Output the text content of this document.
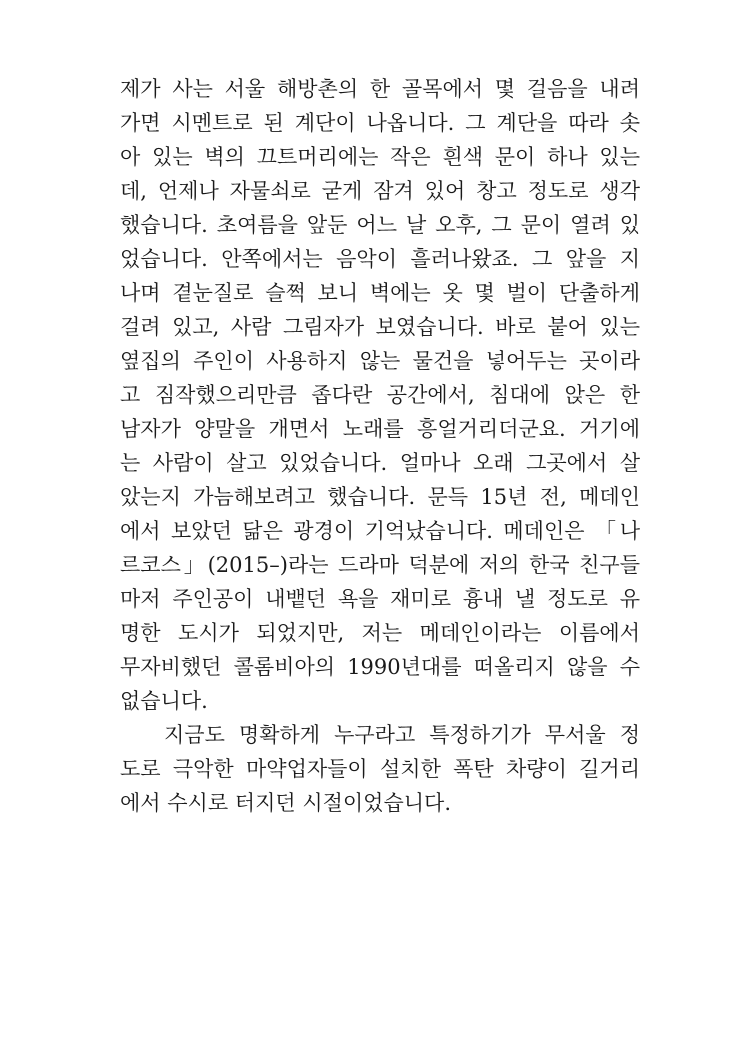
제가 사는 서울 해방촌의 한 골목에서 몇 걸음을 내려
가면 시멘트로 된 계단이 나옵니다. 그 계단을 따라 솟
아 있는 벽의 끄트머리에는 작은 흰색 문이 하나 있는
데, 언제나 자물쇠로 굳게 잠겨 있어 창고 정도로 생각
했습니다. 초여름을 앞둔 어느 날 오후, 그 문이 열려 있
었습니다. 안쪽에서는 음악이 흘러나왔죠. 그 앞을 지
나며 곁눈질로 슬쩍 보니 벽에는 옷 몇 벌이 단출하게
걸려 있고, 사람 그림자가 보였습니다. 바로 붙어 있는
옆집의 주인이 사용하지 않는 물건을 넣어두는 곳이라
고 짐작했으리만큼 좁다란 공간에서, 침대에 앉은 한
남자가 양말을 개면서 노래를 흥얼거리더군요. 거기에
는 사람이 살고 있었습니다. 얼마나 오래 그곳에서 살
았는지 가늠해보려고 했습니다. 문득 15년 전, 메데인
에서 보았던 닮은 광경이 기억났습니다. 메데인은 「나
르코스」(2015–)라는 드라마 덕분에 저의 한국 친구들
마저 주인공이 내뱉던 욕을 재미로 흉내 낼 정도로 유
명한 도시가 되었지만, 저는 메데인이라는 이름에서
무자비했던 콜롬비아의 1990년대를 떠올리지 않을 수
없습니다.
지금도 명확하게 누구라고 특정하기가 무서울 정
도로 극악한 마약업자들이 설치한 폭탄 차량이 길거리
에서 수시로 터지던 시절이었습니다.
